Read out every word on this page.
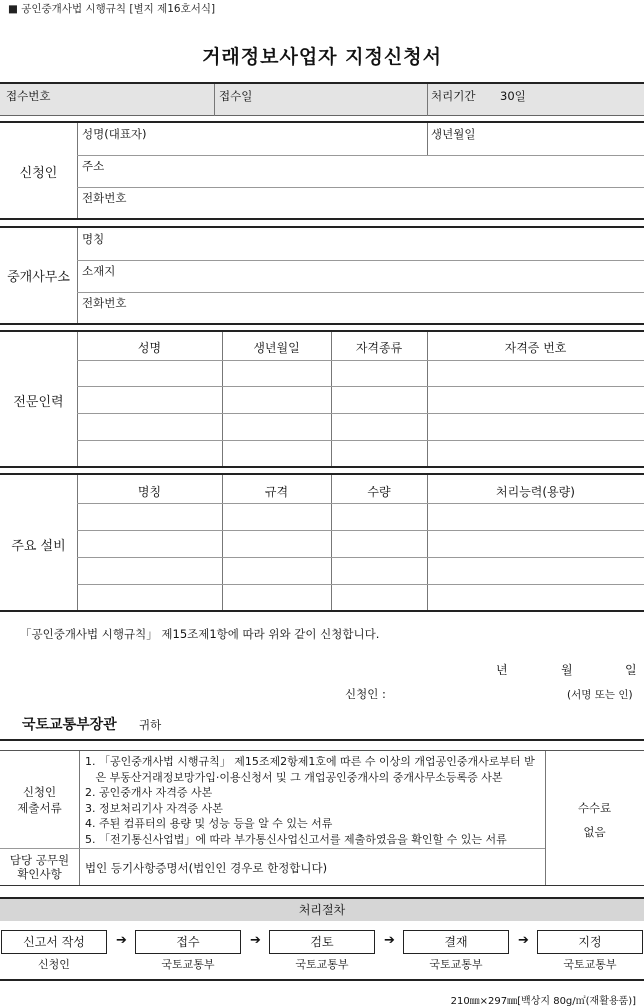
■ 공인중개사법 시행규칙 [별지 제16호서식]
거래정보사업자 지정신청서
접수번호	접수일	처리기간 30일
신청인
성명(대표자)	생년월일
주소
전화번호
중개사무소
명칭
소재지
전화번호
전문인력
성명	생년월일	자격종류	자격증 번호
주요 설비
명칭	규격	수량	처리능력(용량)
「공인중개사법 시행규칙」 제15조제1항에 따라 위와 같이 신청합니다.
년	월	일
신청인 :	(서명 또는 인)
국토교통부장관 귀하
신청인
제출서류
1. 「공인중개사법 시행규칙」 제15조제2항제1호에 따른 수 이상의 개업공인중개사로부터 받
은 부동산거래정보망가입·이용신청서 및 그 개업공인중개사의 중개사무소등록증 사본
2. 공인중개사 자격증 사본
3. 정보처리기사 자격증 사본
4. 주된 컴퓨터의 용량 및 성능 등을 알 수 있는 서류
5. 「전기통신사업법」에 따라 부가통신사업신고서를 제출하였음을 확인할 수 있는 서류
수수료
없음
담당 공무원
확인사항	법인 등기사항증명서(법인인 경우로 한정합니다)
처리절차
신고서 작성	➔	접수	➔	검토	➔	결재	➔	지정
신청인	국토교통부	국토교통부	국토교통부	국토교통부
210㎜×297㎜[백상지 80g/㎡(재활용품)]
